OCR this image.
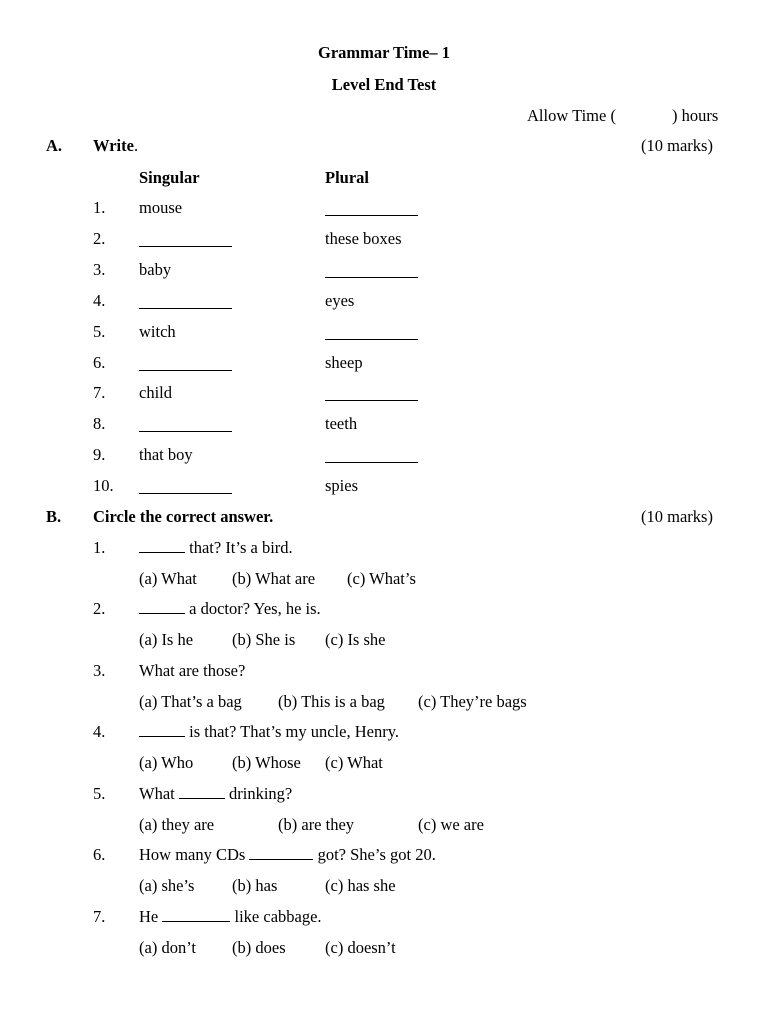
Grammar Time– 1
Level End Test
Allow Time (	) hours
A. Write.	(10 marks)
Singular	Plural
1. mouse
2.	these boxes
3. baby
4.	eyes
5. witch
6.	sheep
7. child
8.	teeth
9. that boy
10.	spies
B. Circle the correct answer.	(10 marks)
1.	that? It’s a bird.
(a) What (b) What are (c) What’s
2.	a doctor? Yes, he is.
(a) Is he (b) She is (c) Is she
3. What are those?
(a) That’s a bag (b) This is a bag (c) They’re bags
4.	is that? That’s my uncle, Henry.
(a) Who (b) Whose (c) What
5. What	drinking?
(a) they are	(b) are they	(c) we are
6. How many CDs	got? She’s got 20.
(a) she’s (b) has	(c) has she
7. He	like cabbage.
(a) don’t (b) does (c) doesn’t
